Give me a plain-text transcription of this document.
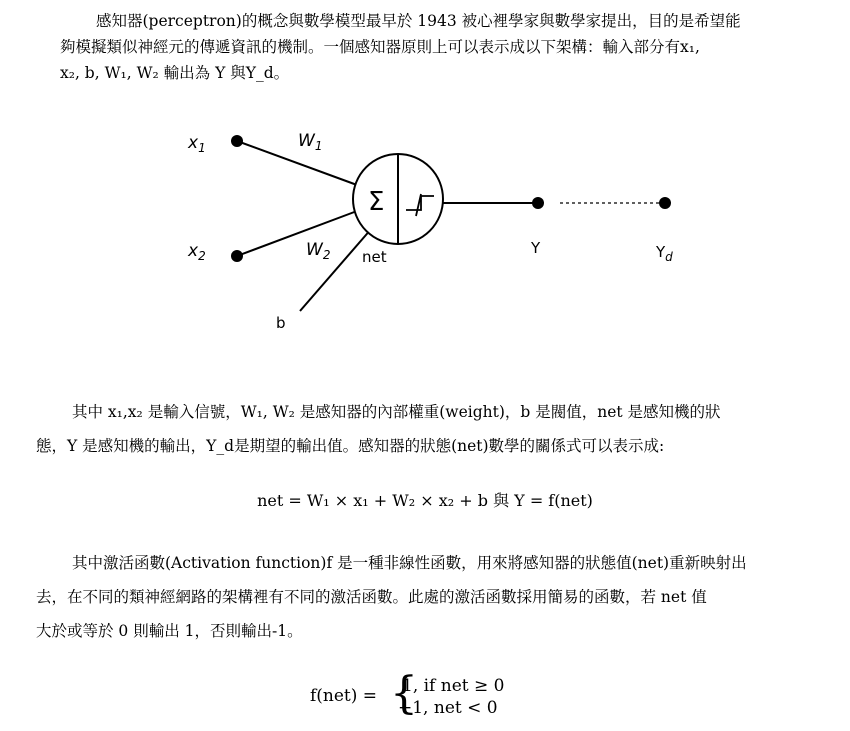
感知器(perceptron)的概念與數學模型最早於 1943 被心裡學家與數學家提出，目的是希望能

夠模擬類似神經元的傳遞資訊的機制。一個感知器原則上可以表示成以下架構：輸入部分有x₁,

x₂, b, W₁, W₂ 輸出為 Y 與Y_d。

Σ
$x_1$	$W_1$
$x_2$	$W_2$ net
b
Y	$Y_d$

其中 x₁,x₂ 是輸入信號，W₁, W₂ 是感知器的內部權重(weight)，b 是閥值，net 是感知機的狀

態，Y 是感知機的輸出，Y_d是期望的輸出值。感知器的狀態(net)數學的關係式可以表示成:

net = W₁ × x₁ + W₂ × x₂ + b 與 Y = f(net)

其中激活函數(Activation function)f 是一種非線性函數，用來將感知器的狀態值(net)重新映射出

去，在不同的類神經網路的架構裡有不同的激活函數。此處的激活函數採用簡易的函數，若 net 值

大於或等於 0 則輸出 1，否則輸出-1。

f(net) = {
1, if net ≥ 0
−1, net < 0
